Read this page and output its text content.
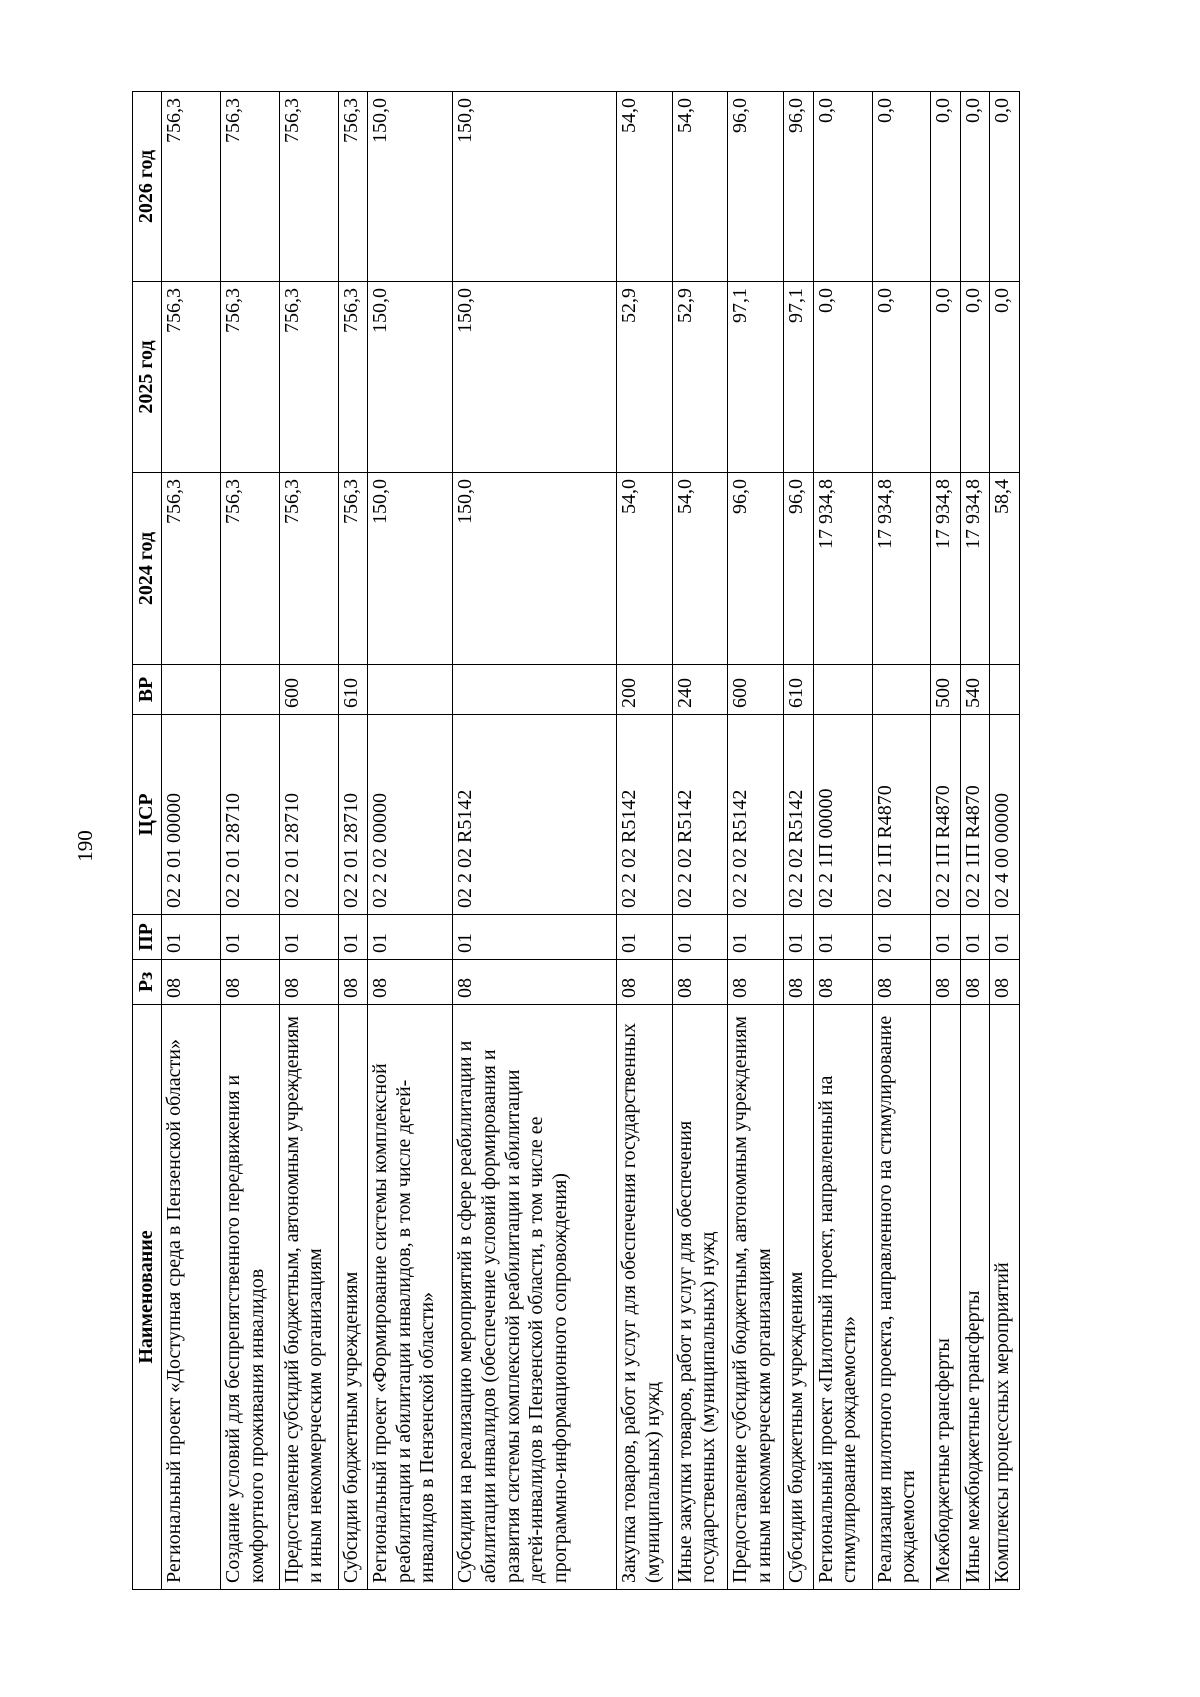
190
Наименование	Рз	ПР	ЦСР	ВР	2024 год	2025 год	2026 год
Региональный проект «Доступная среда в Пензенской области»	08	01	02 2 01 00000		756,3	756,3	756,3
Создание условий для беспрепятственного передвижения и комфортного проживания инвалидов	08	01	02 2 01 28710		756,3	756,3	756,3
Предоставление субсидий бюджетным, автономным учреждениям и иным некоммерческим организациям	08	01	02 2 01 28710	600	756,3	756,3	756,3
Субсидии бюджетным учреждениям	08	01	02 2 01 28710	610	756,3	756,3	756,3
Региональный проект «Формирование системы комплексной реабилитации и абилитации инвалидов, в том числе детей-инвалидов в Пензенской области»	08	01	02 2 02 00000		150,0	150,0	150,0
Субсидии на реализацию мероприятий в сфере реабилитации и абилитации инвалидов (обеспечение условий формирования и развития системы комплексной реабилитации и абилитации детей-инвалидов в Пензенской области, в том числе ее программно-информационного сопровождения)	08	01	02 2 02 R5142		150,0	150,0	150,0
Закупка товаров, работ и услуг для обеспечения государственных (муниципальных) нужд	08	01	02 2 02 R5142	200	54,0	52,9	54,0
Иные закупки товаров, работ и услуг для обеспечения государственных (муниципальных) нужд	08	01	02 2 02 R5142	240	54,0	52,9	54,0
Предоставление субсидий бюджетным, автономным учреждениям и иным некоммерческим организациям	08	01	02 2 02 R5142	600	96,0	97,1	96,0
Субсидии бюджетным учреждениям	08	01	02 2 02 R5142	610	96,0	97,1	96,0
Региональный проект «Пилотный проект, направленный на стимулирование рождаемости»	08	01	02 2 1П 00000		17 934,8	0,0	0,0
Реализация пилотного проекта, направленного на стимулирование рождаемости	08	01	02 2 1П R4870		17 934,8	0,0	0,0
Межбюджетные трансферты	08	01	02 2 1П R4870	500	17 934,8	0,0	0,0
Иные межбюджетные трансферты	08	01	02 2 1П R4870	540	17 934,8	0,0	0,0
Комплексы процессных мероприятий	08	01	02 4 00 00000		58,4	0,0	0,0
